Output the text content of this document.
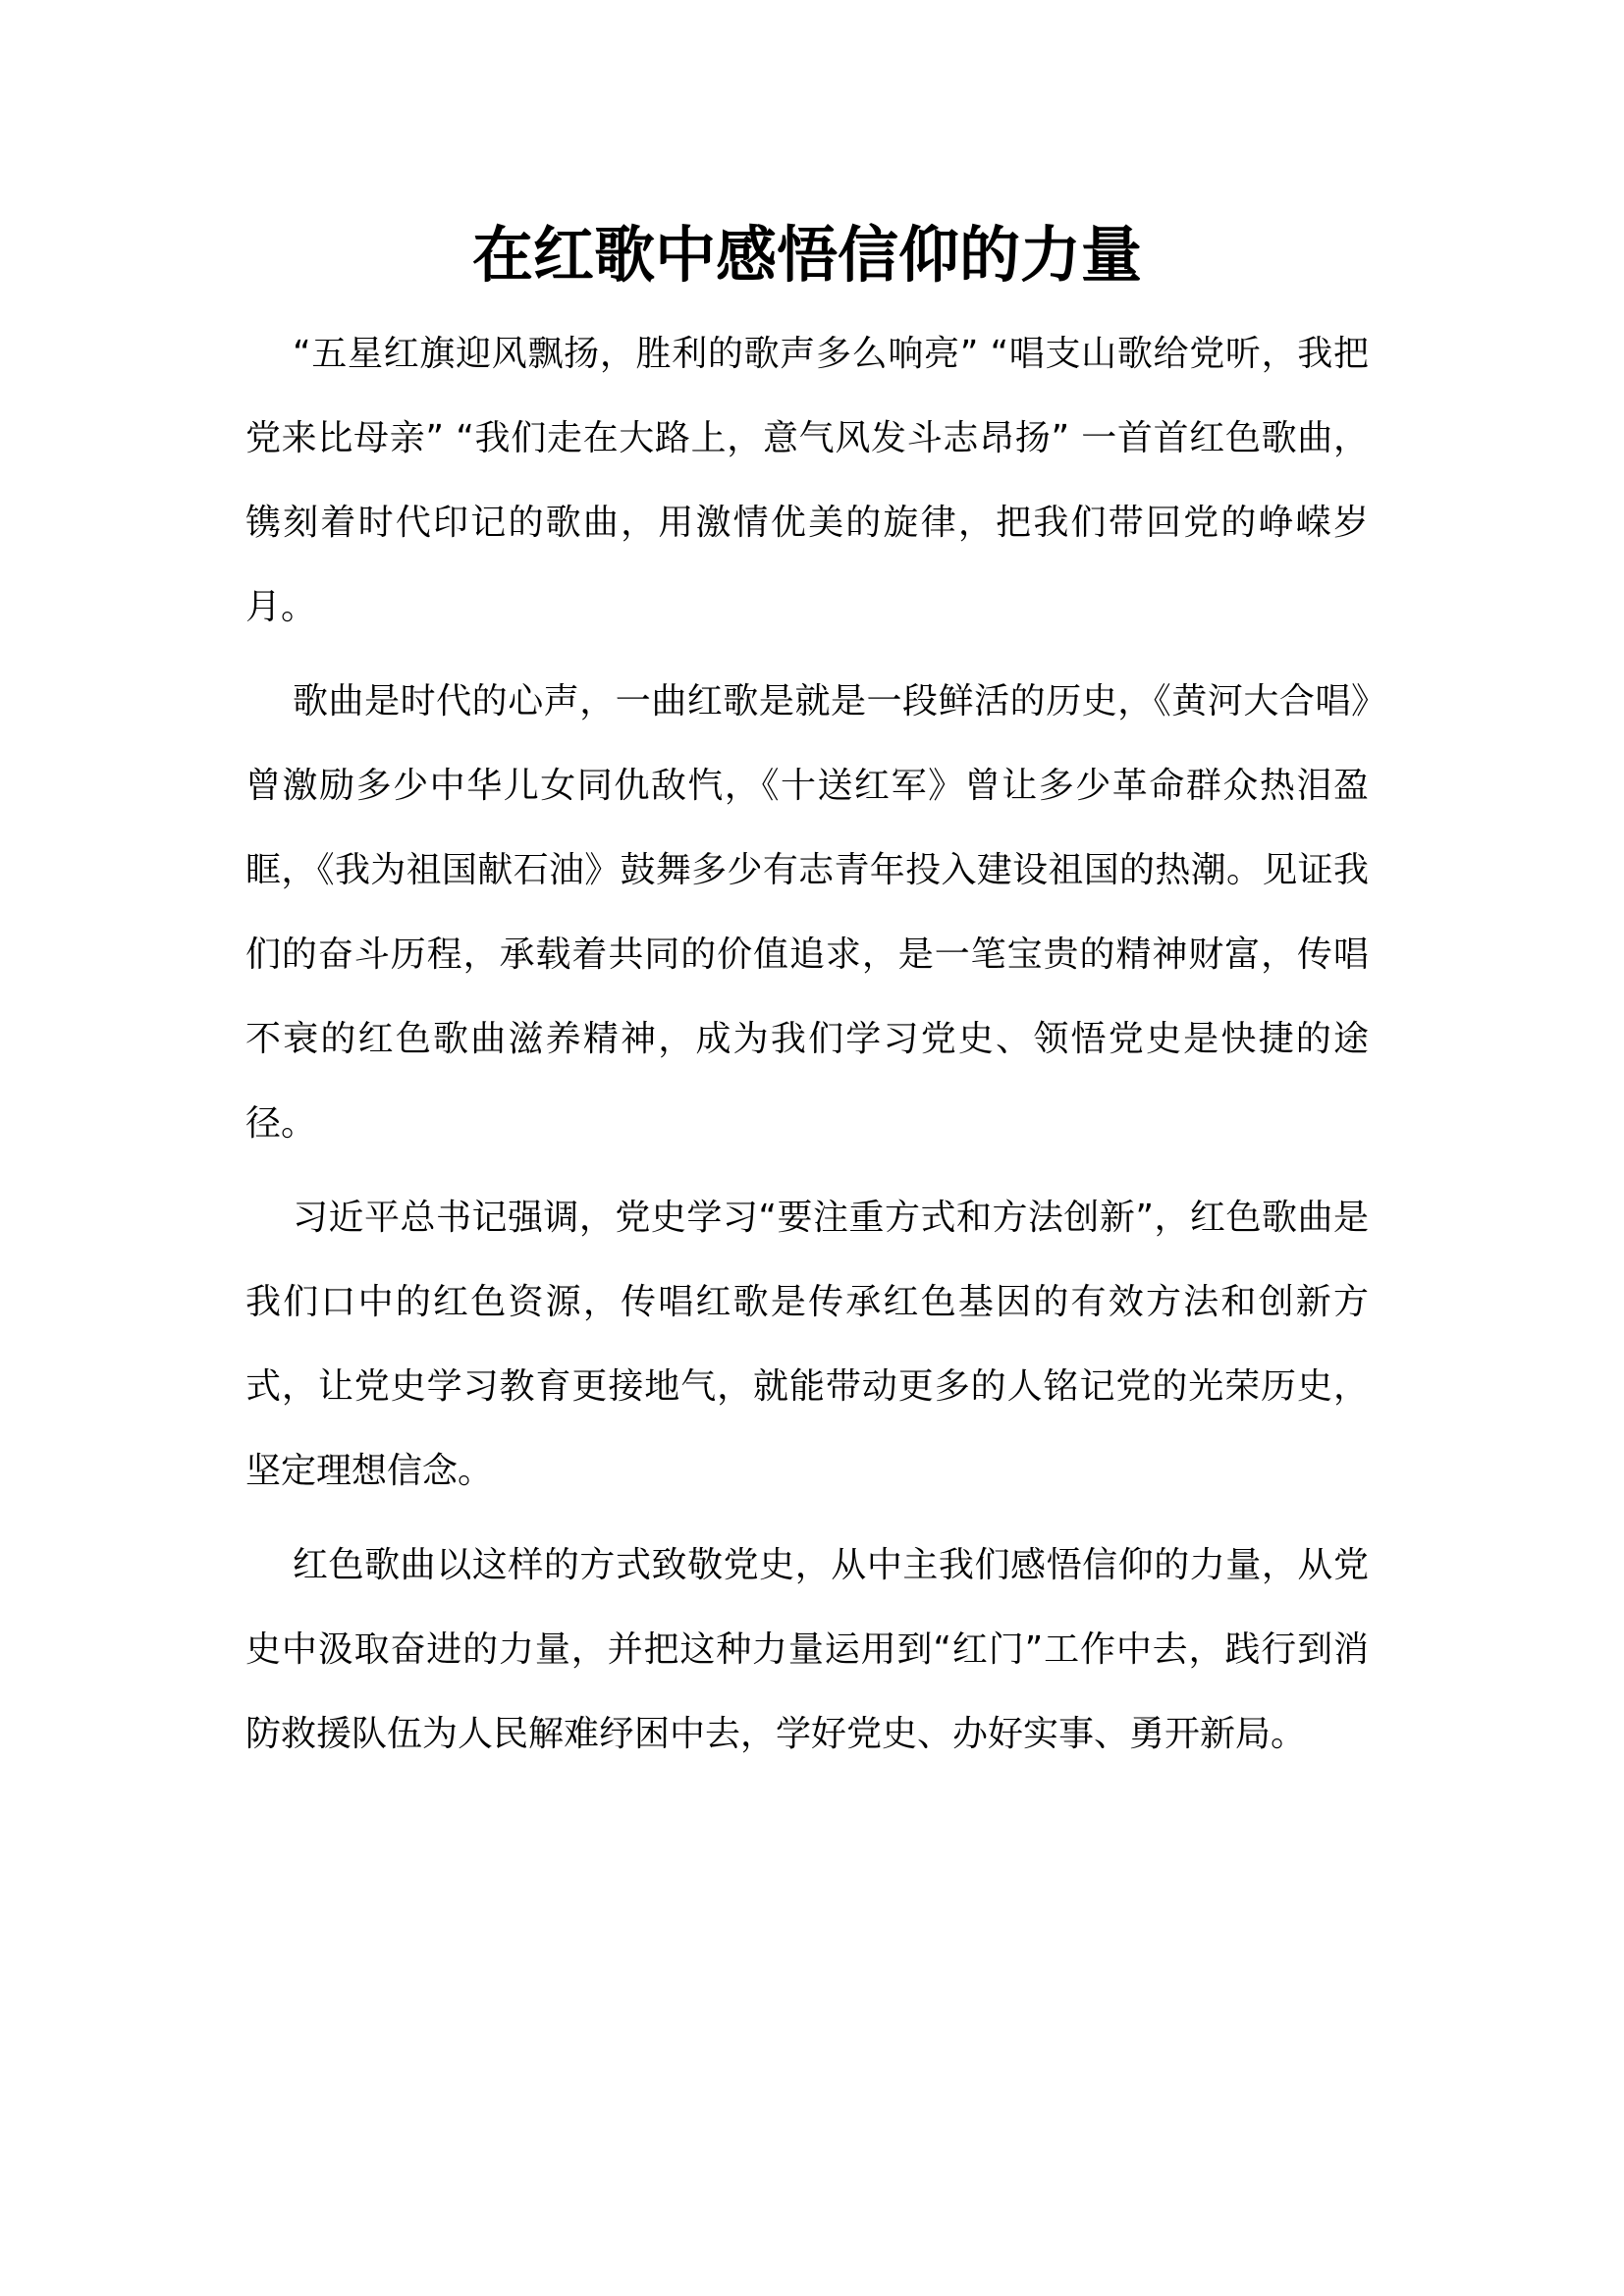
在红歌中感悟信仰的力量

“五星红旗迎风飘扬，胜利的歌声多么响亮” “唱支山歌给党听，我把党来比母亲” “我们走在大路上，意气风发斗志昂扬” 一首首红色歌曲，镌刻着时代印记的歌曲，用激情优美的旋律，把我们带回党的峥嵘岁月。

歌曲是时代的心声，一曲红歌是就是一段鲜活的历史，《黄河大合唱》曾激励多少中华儿女同仇敌忾，《十送红军》曾让多少革命群众热泪盈眶，《我为祖国献石油》鼓舞多少有志青年投入建设祖国的热潮。见证我们的奋斗历程，承载着共同的价值追求，是一笔宝贵的精神财富，传唱不衰的红色歌曲滋养精神，成为我们学习党史、领悟党史是快捷的途径。

习近平总书记强调，党史学习“要注重方式和方法创新”，红色歌曲是我们口中的红色资源，传唱红歌是传承红色基因的有效方法和创新方式，让党史学习教育更接地气，就能带动更多的人铭记党的光荣历史，坚定理想信念。

红色歌曲以这样的方式致敬党史，从中主我们感悟信仰的力量，从党史中汲取奋进的力量，并把这种力量运用到“红门”工作中去，践行到消防救援队伍为人民解难纾困中去，学好党史、办好实事、勇开新局。
